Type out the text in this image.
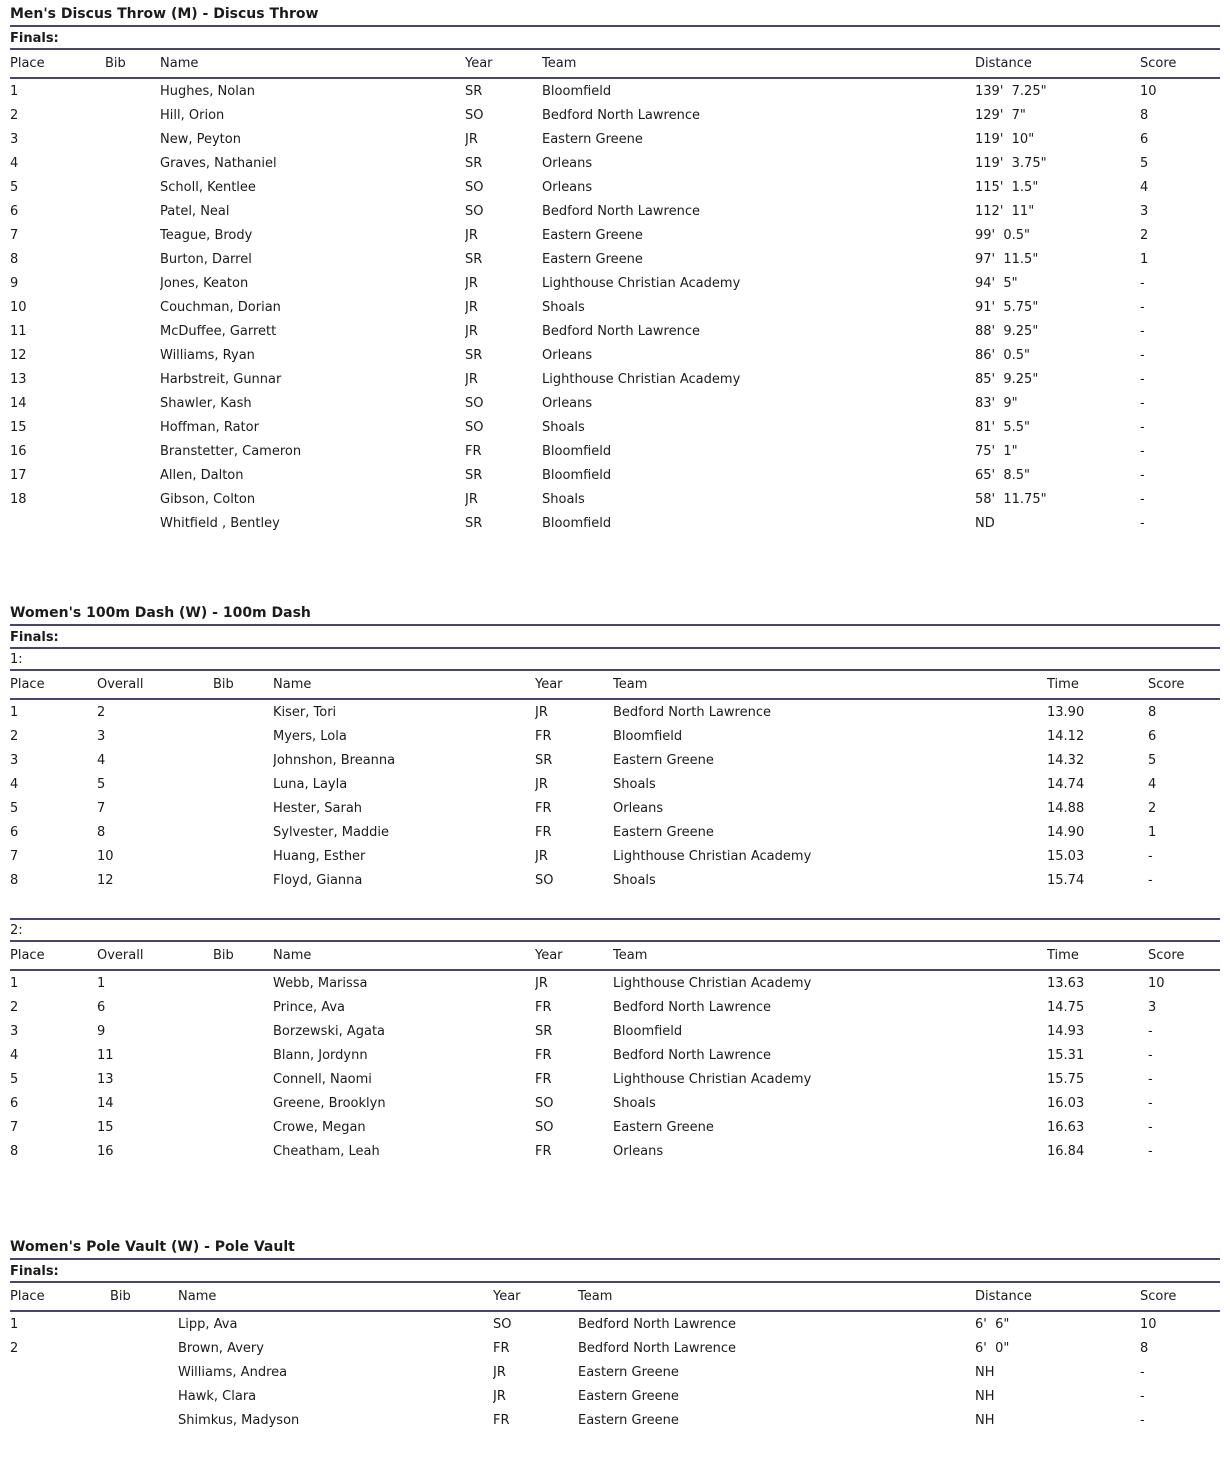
Men's Discus Throw (M) - Discus Throw
Finals:
Place	Bib	Name	Year	Team	Distance	Score
1		Hughes, Nolan	SR	Bloomfield	139'  7.25"	10
2		Hill, Orion	SO	Bedford North Lawrence	129'  7"	8
3		New, Peyton	JR	Eastern Greene	119'  10"	6
4		Graves, Nathaniel	SR	Orleans	119'  3.75"	5
5		Scholl, Kentlee	SO	Orleans	115'  1.5"	4
6		Patel, Neal	SO	Bedford North Lawrence	112'  11"	3
7		Teague, Brody	JR	Eastern Greene	99'  0.5"	2
8		Burton, Darrel	SR	Eastern Greene	97'  11.5"	1
9		Jones, Keaton	JR	Lighthouse Christian Academy	94'  5"	-
10		Couchman, Dorian	JR	Shoals	91'  5.75"	-
11		McDuffee, Garrett	JR	Bedford North Lawrence	88'  9.25"	-
12		Williams, Ryan	SR	Orleans	86'  0.5"	-
13		Harbstreit, Gunnar	JR	Lighthouse Christian Academy	85'  9.25"	-
14		Shawler, Kash	SO	Orleans	83'  9"	-
15		Hoffman, Rator	SO	Shoals	81'  5.5"	-
16		Branstetter, Cameron	FR	Bloomfield	75'  1"	-
17		Allen, Dalton	SR	Bloomfield	65'  8.5"	-
18		Gibson, Colton	JR	Shoals	58'  11.75"	-
		Whitfield , Bentley	SR	Bloomfield	ND	-
Women's 100m Dash (W) - 100m Dash
Finals:
1:
Place	Overall	Bib	Name	Year	Team	Time	Score
1	2		Kiser, Tori	JR	Bedford North Lawrence	13.90	8
2	3		Myers, Lola	FR	Bloomfield	14.12	6
3	4		Johnshon, Breanna	SR	Eastern Greene	14.32	5
4	5		Luna, Layla	JR	Shoals	14.74	4
5	7		Hester, Sarah	FR	Orleans	14.88	2
6	8		Sylvester, Maddie	FR	Eastern Greene	14.90	1
7	10		Huang, Esther	JR	Lighthouse Christian Academy	15.03	-
8	12		Floyd, Gianna	SO	Shoals	15.74	-
2:
Place	Overall	Bib	Name	Year	Team	Time	Score
1	1		Webb, Marissa	JR	Lighthouse Christian Academy	13.63	10
2	6		Prince, Ava	FR	Bedford North Lawrence	14.75	3
3	9		Borzewski, Agata	SR	Bloomfield	14.93	-
4	11		Blann, Jordynn	FR	Bedford North Lawrence	15.31	-
5	13		Connell, Naomi	FR	Lighthouse Christian Academy	15.75	-
6	14		Greene, Brooklyn	SO	Shoals	16.03	-
7	15		Crowe, Megan	SO	Eastern Greene	16.63	-
8	16		Cheatham, Leah	FR	Orleans	16.84	-
Women's Pole Vault (W) - Pole Vault
Finals:
Place	Bib	Name	Year	Team	Distance	Score
1		Lipp, Ava	SO	Bedford North Lawrence	6'  6"	10
2		Brown, Avery	FR	Bedford North Lawrence	6'  0"	8
		Williams, Andrea	JR	Eastern Greene	NH	-
		Hawk, Clara	JR	Eastern Greene	NH	-
		Shimkus, Madyson	FR	Eastern Greene	NH	-
